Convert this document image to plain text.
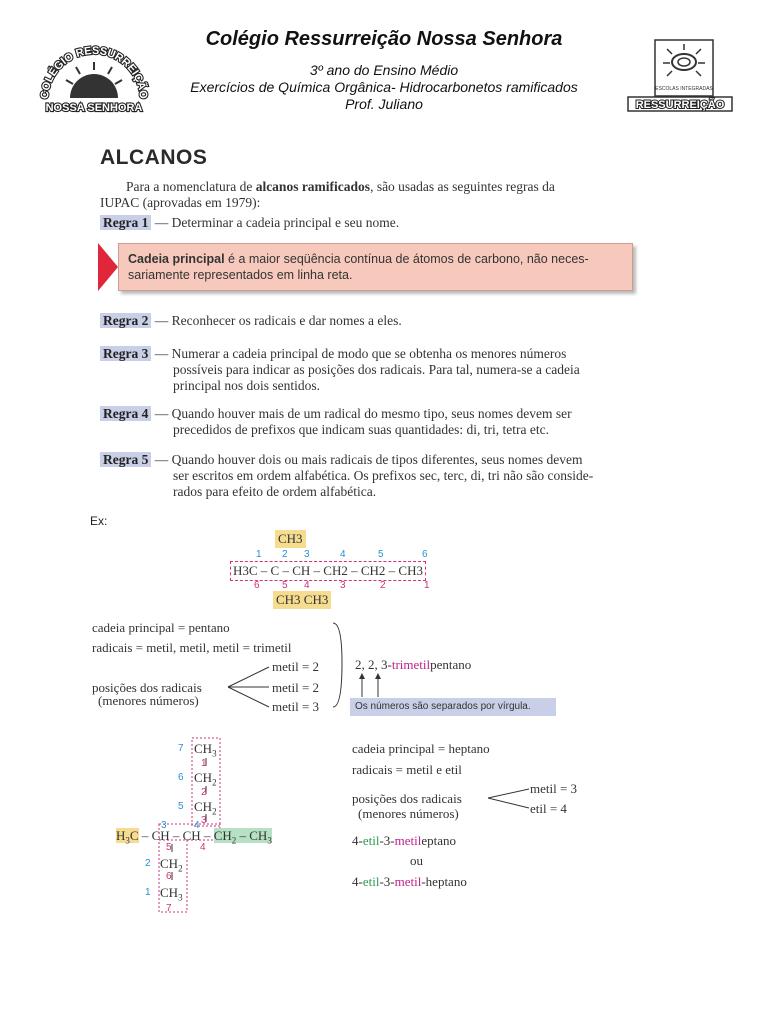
COLÉGIO RESSURREIÇÃO
NOSSA SENHORA
Colégio Ressurreição Nossa Senhora
3º ano do Ensino Médio
Exercícios de Química Orgânica- Hidrocarbonetos ramificados
Prof. Juliano
ESCOLAS INTEGRADAS
RESSURREIÇÃO
ALCANOS
Para a nomenclatura de alcanos ramificados, são usadas as seguintes regras da
IUPAC (aprovadas em 1979):
Regra 1 — Determinar a cadeia principal e seu nome.
Cadeia principal é a maior seqüência contínua de átomos de carbono, não neces-
sariamente representados em linha reta.
Regra 2 — Reconhecer os radicais e dar nomes a eles.
Regra 3 — Numerar a cadeia principal de modo que se obtenha os menores números
possíveis para indicar as posições dos radicais. Para tal, numera-se a cadeia
principal nos dois sentidos.
Regra 4 — Quando houver mais de um radical do mesmo tipo, seus nomes devem ser
precedidos de prefixos que indicam suas quantidades: di, tri, tetra etc.
Regra 5 — Quando houver dois ou mais radicais de tipos diferentes, seus nomes devem
ser escritos em ordem alfabética. Os prefixos sec, terc, di, tri não são conside-
rados para efeito de ordem alfabética.
Ex:
CH3
1 2 3	4	5	6
H3C – C – CH – CH2 – CH2 – CH3
6 5 4	3	2	1
CH3 CH3
cadeia principal = pentano
radicais = metil, metil, metil = trimetil
metil = 2
posições dos radicais	metil = 2
(menores números)	metil = 3
2, 2, 3-trimetilpentano
Os números são separados por vírgula.
$CH_3$
$CH_2$
$CH_2$
$H_3C$ – CH – CH – $CH_2 - CH_3$
$CH_2$
$CH_3$
7
6
5
3	4
2
1
1
2
3
4
5
6
7
cadeia principal = heptano
radicais = metil e etil
metil = 3
posições dos radicais
etil = 4
(menores números)
4-etil-3-metileptano
ou
4-etil-3-metil-heptano
